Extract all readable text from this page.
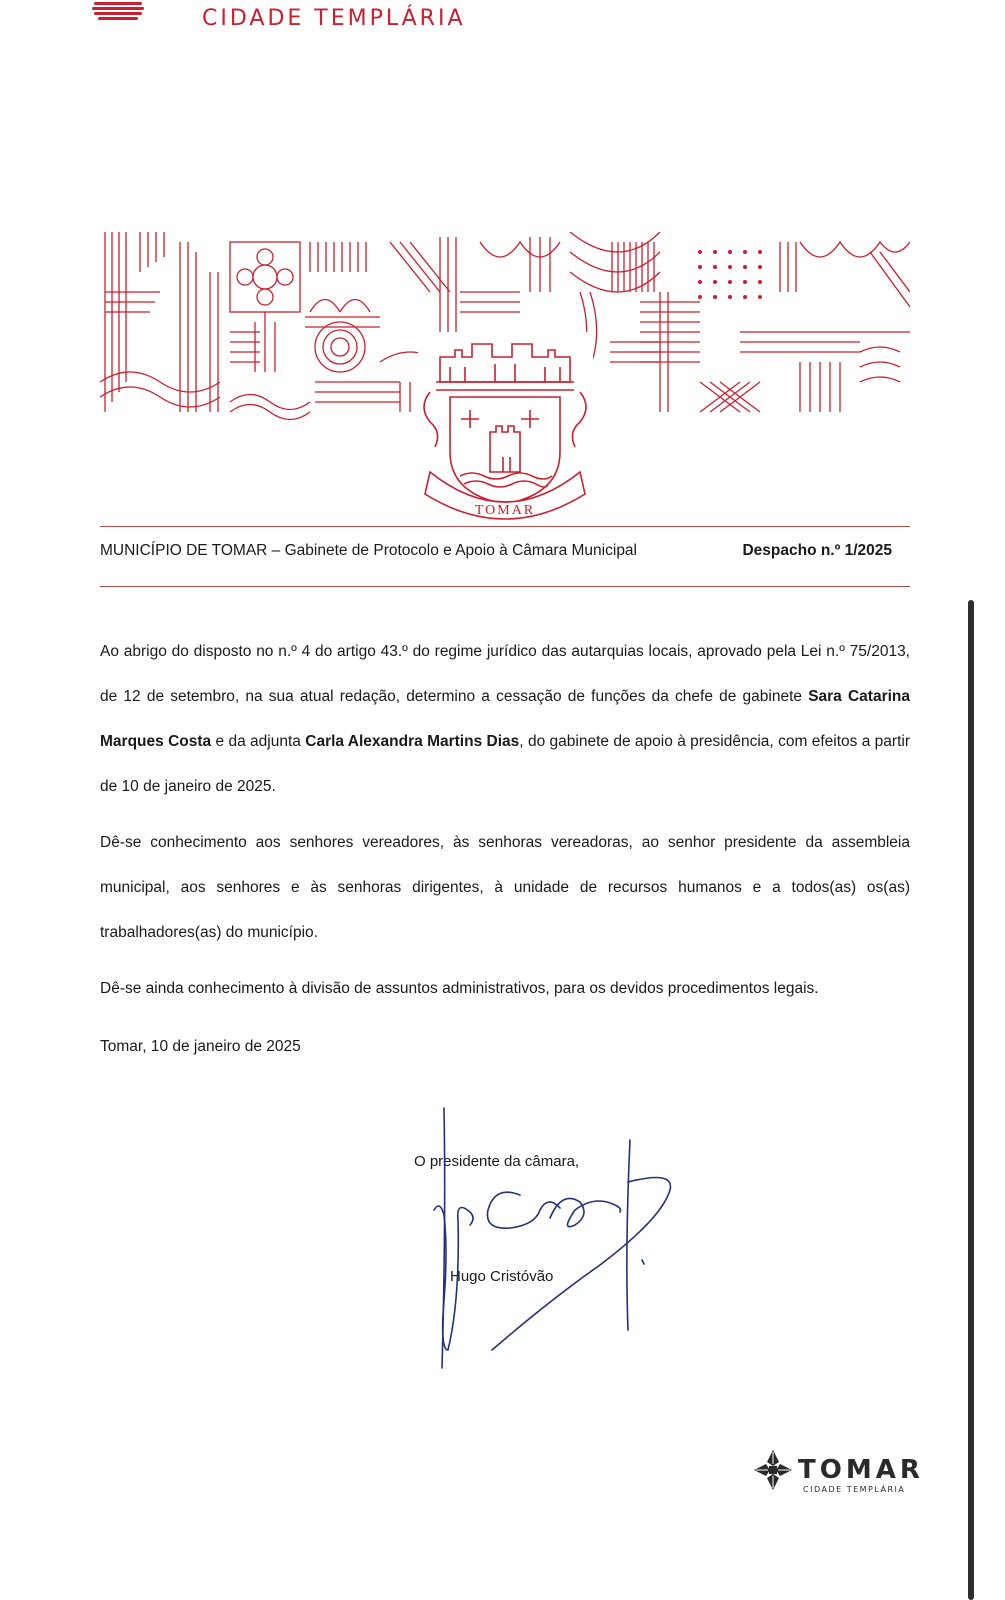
CIDADE TEMPLÁRIA
TOMAR
MUNICÍPIO DE TOMAR – Gabinete de Protocolo e Apoio à Câmara Municipal	Despacho n.º 1/2025

Ao abrigo do disposto no n.º 4 do artigo 43.º do regime jurídico das autarquias locais, aprovado pela Lei n.º 75/2013, de 12 de setembro, na sua atual redação, determino a cessação de funções da chefe de gabinete Sara Catarina Marques Costa e da adjunta Carla Alexandra Martins Dias, do gabinete de apoio à presidência, com efeitos a partir de 10 de janeiro de 2025.

Dê-se conhecimento aos senhores vereadores, às senhoras vereadoras, ao senhor presidente da assembleia municipal, aos senhores e às senhoras dirigentes, à unidade de recursos humanos e a todos(as) os(as) trabalhadores(as) do município.

Dê-se ainda conhecimento à divisão de assuntos administrativos, para os devidos procedimentos legais.
Tomar, 10 de janeiro de 2025
O presidente da câmara,
Hugo Cristóvão
TOMAR
CIDADE TEMPLÁRIA
